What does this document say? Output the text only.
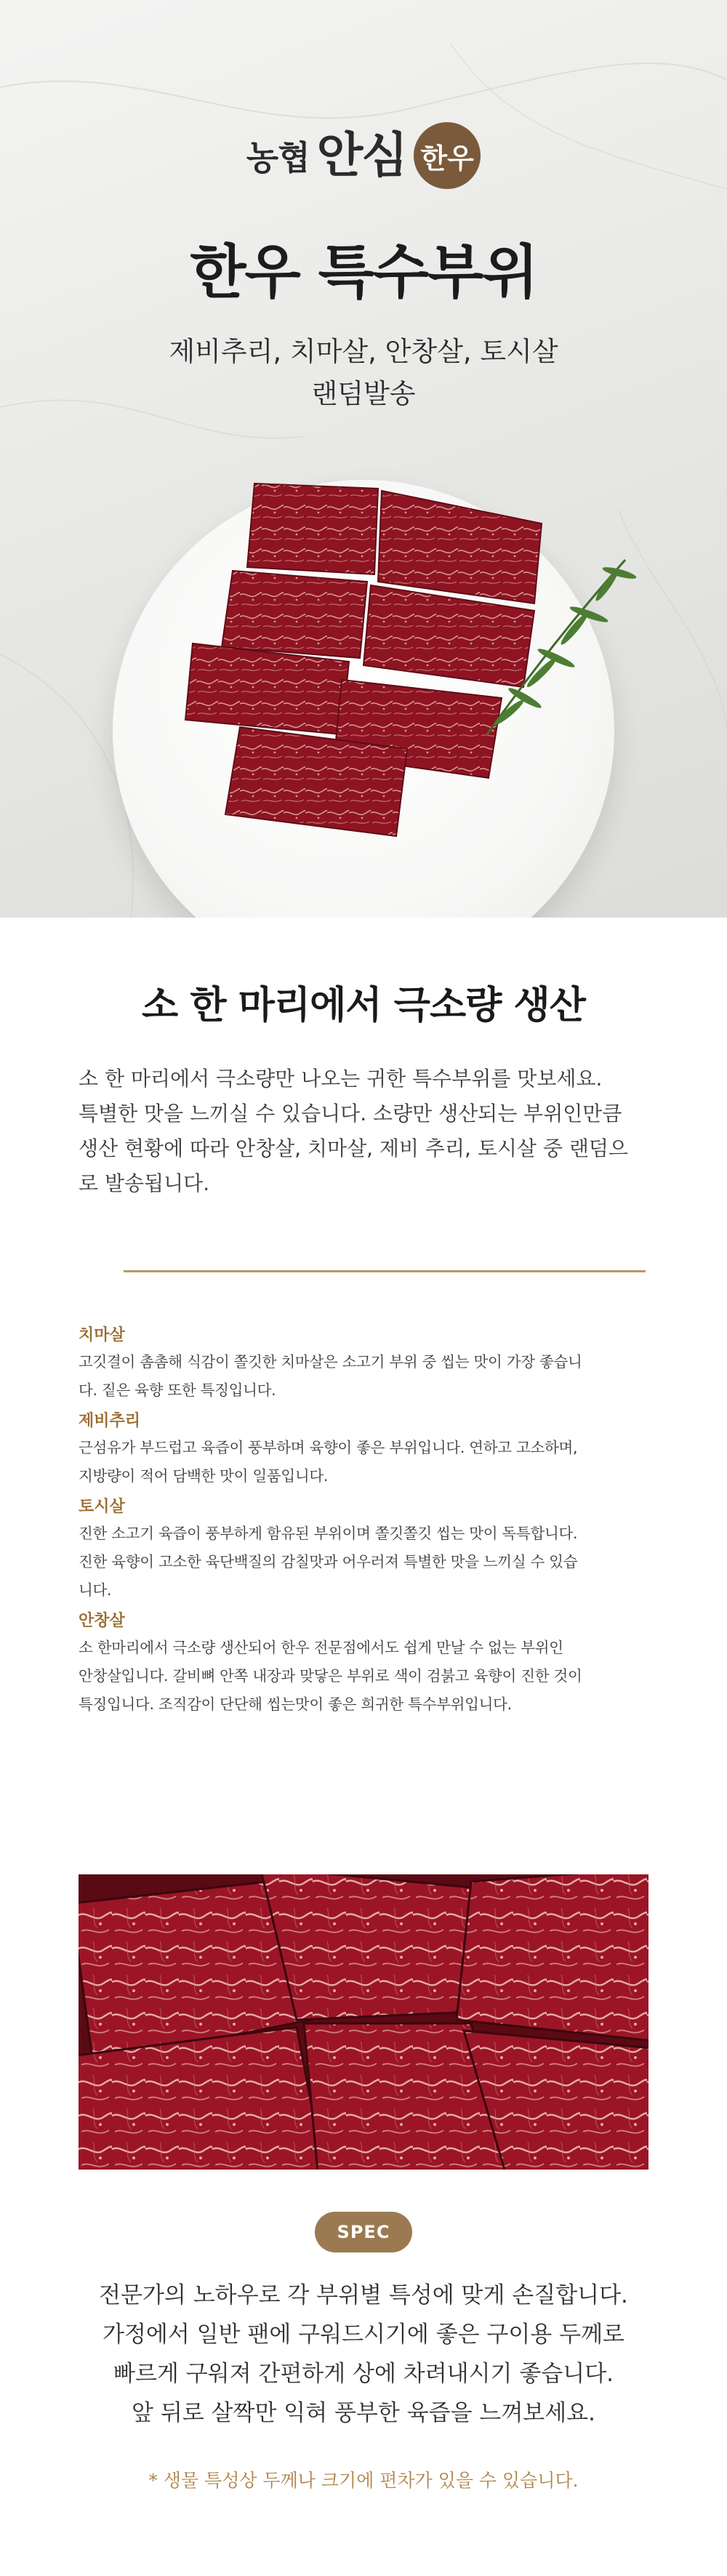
농협 안심 한우
한우 특수부위
제비추리, 치마살, 안창살, 토시살
랜덤발송
소 한 마리에서 극소량 생산
소 한 마리에서 극소량만 나오는 귀한 특수부위를 맛보세요.
특별한 맛을 느끼실 수 있습니다. 소량만 생산되는 부위인만큼
생산 현황에 따라 안창살, 치마살, 제비 추리, 토시살 중 랜덤으
로 발송됩니다.
치마살
고깃결이 촘촘해 식감이 쫄깃한 치마살은 소고기 부위 중 씹는 맛이 가장 좋습니
다. 짙은 육향 또한 특징입니다.
제비추리
근섬유가 부드럽고 육즙이 풍부하며 육향이 좋은 부위입니다. 연하고 고소하며,
지방량이 적어 담백한 맛이 일품입니다.
토시살
진한 소고기 육즙이 풍부하게 함유된 부위이며 쫄깃쫄깃 씹는 맛이 독특합니다.
진한 육향이 고소한 육단백질의 감칠맛과 어우러져 특별한 맛을 느끼실 수 있습
니다.
안창살
소 한마리에서 극소량 생산되어 한우 전문점에서도 쉽게 만날 수 없는 부위인
안창살입니다. 갈비뼈 안쪽 내장과 맞닿은 부위로 색이 검붉고 육향이 진한 것이
특징입니다. 조직감이 단단해 씹는맛이 좋은 희귀한 특수부위입니다.
SPEC
전문가의 노하우로 각 부위별 특성에 맞게 손질합니다.
가정에서 일반 팬에 구워드시기에 좋은 구이용 두께로
빠르게 구워져 간편하게 상에 차려내시기 좋습니다.
앞 뒤로 살짝만 익혀 풍부한 육즙을 느껴보세요.
* 생물 특성상 두께나 크기에 편차가 있을 수 있습니다.
